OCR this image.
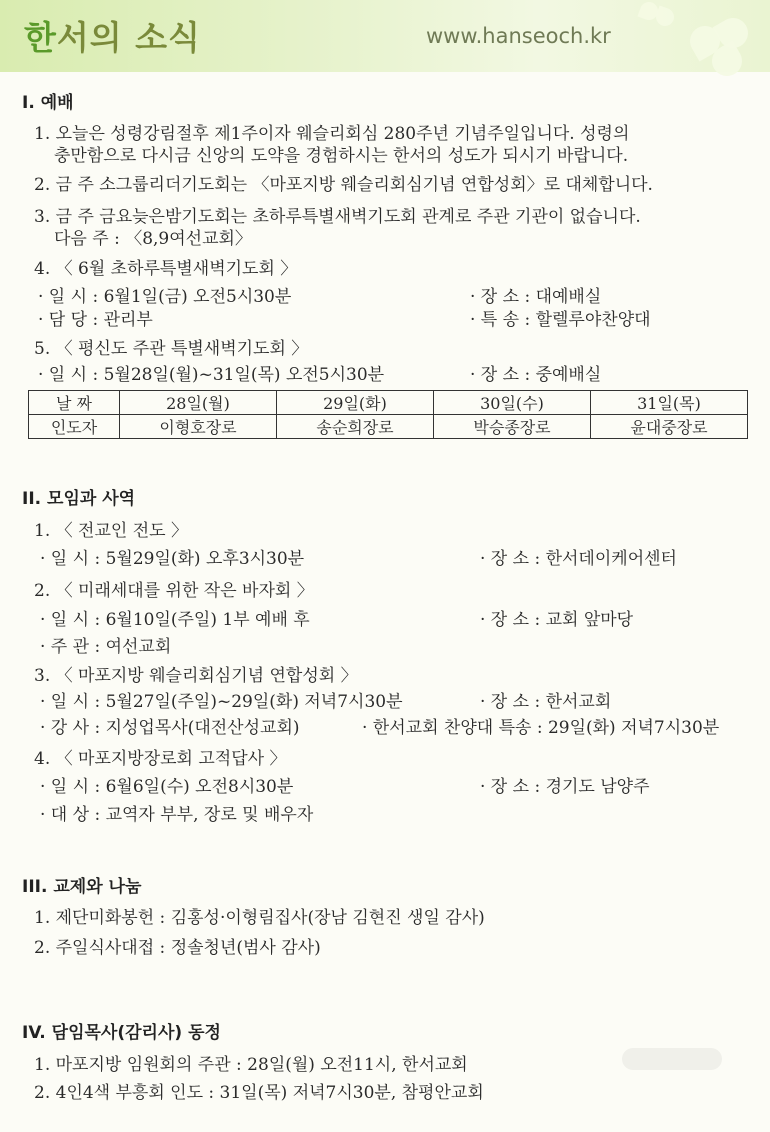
한서의 소식	www.hanseoch.kr
I. 예배
1. 오늘은 성령강림절후 제1주이자 웨슬리회심 280주년 기념주일입니다. 성령의
충만함으로 다시금 신앙의 도약을 경험하시는 한서의 성도가 되시기 바랍니다.
2. 금 주 소그룹리더기도회는 〈마포지방 웨슬리회심기념 연합성회〉로 대체합니다.
3. 금 주 금요늦은밤기도회는 초하루특별새벽기도회 관계로 주관 기관이 없습니다.
다음 주 : 〈8,9여선교회〉
4. 〈 6월 초하루특별새벽기도회 〉
· 일 시 : 6월1일(금) 오전5시30분	· 장 소 : 대예배실
· 담 당 : 관리부	· 특 송 : 할렐루야찬양대
5. 〈 평신도 주관 특별새벽기도회 〉
· 일 시 : 5월28일(월)~31일(목) 오전5시30분	· 장 소 : 중예배실
날 짜	28일(월)	29일(화)	30일(수)	31일(목)
인도자	이형호장로	송순희장로	박승종장로	윤대중장로
II. 모임과 사역
1. 〈 전교인 전도 〉
· 일 시 : 5월29일(화) 오후3시30분	· 장 소 : 한서데이케어센터
2. 〈 미래세대를 위한 작은 바자회 〉
· 일 시 : 6월10일(주일) 1부 예배 후	· 장 소 : 교회 앞마당
· 주 관 : 여선교회
3. 〈 마포지방 웨슬리회심기념 연합성회 〉
· 일 시 : 5월27일(주일)~29일(화) 저녁7시30분	· 장 소 : 한서교회
· 강 사 : 지성업목사(대전산성교회)	· 한서교회 찬양대 특송 : 29일(화) 저녁7시30분
4. 〈 마포지방장로회 고적답사 〉
· 일 시 : 6월6일(수) 오전8시30분	· 장 소 : 경기도 남양주
· 대 상 : 교역자 부부, 장로 및 배우자
III. 교제와 나눔
1. 제단미화봉헌 : 김홍성·이형림집사(장남 김현진 생일 감사)
2. 주일식사대접 : 정솔청년(범사 감사)
IV. 담임목사(감리사) 동정
1. 마포지방 임원회의 주관 : 28일(월) 오전11시, 한서교회
2. 4인4색 부흥회 인도 : 31일(목) 저녁7시30분, 참평안교회
